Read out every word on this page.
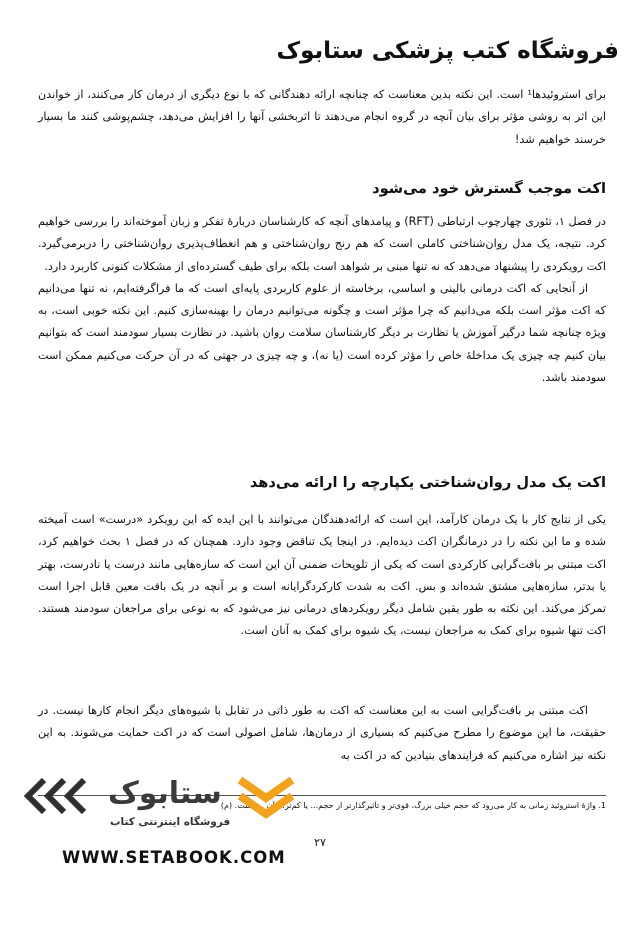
فروشگاه کتب پزشکی ستابوک

برای استروئیدها¹ است. این نکته بدین معناست که چنانچه ارائه دهندگانی که با نوع دیگری از درمان کار می‌کنند، از خواندن این اثر به روشی مؤثر برای بیان آنچه در گروه انجام می‌دهند تا اثربخشی آنها را افزایش می‌دهد، چشم‌پوشی کنند ما بسیار خرسند خواهیم شد!

اکت موجب گسترش خود می‌شود

در فصل ۱، تئوری چهارچوب ارتباطی (RFT) و پیامدهای آنچه که کارشناسان دربارهٔ تفکر و زبان آموخته‌اند را بررسی خواهیم کرد. نتیجه، یک مدل روان‌شناختی کاملی است که هم رنج روان‌شناختی و هم انعطاف‌پذیری روان‌شناختی را دربرمی‌گیرد. اکت رویکردی را پیشنهاد می‌دهد که نه تنها مبنی بر شواهد است بلکه برای طیف گسترده‌ای از مشکلات کنونی کاربرد دارد.

از آنجایی که اکت درمانی بالینی و اساسی، برخاسته از علوم کاربردی پایه‌ای است که ما فراگرفته‌ایم، نه تنها می‌دانیم که اکت مؤثر است بلکه می‌دانیم که چرا مؤثر است و چگونه می‌توانیم درمان را بهینه‌سازی کنیم. این نکته خوبی است، به ویژه چنانچه شما درگیر آموزش یا نظارت بر دیگر کارشناسان سلامت روان باشید. در نظارت بسیار سودمند است که بتوانیم بیان کنیم چه چیزی یک مداخلهٔ خاص را مؤثر کرده است (یا نه)، و چه چیزی در جهتی که در آن حرکت می‌کنیم ممکن است سودمند باشد.

اکت یک مدل روان‌شناختی یکپارچه را ارائه می‌دهد

یکی از نتایج کار با یک درمان کارآمد، این است که ارائه‌دهندگان می‌توانند با این ایده که این رویکرد «درست» است آمیخته شده و ما این نکته را در درمانگران اکت دیده‌ایم. در اینجا یک تناقض وجود دارد. همچنان که در فصل ۱ بحث خواهیم کرد، اکت مبتنی بر بافت‌گرایی کارکردی است که یکی از تلویحات ضمنی آن این است که سازه‌هایی مانند درست یا نادرست، بهتر یا بدتر، سازه‌هایی مشتق شده‌اند و بس. اکت به شدت کارکردگرایانه است و بر آنچه در یک بافت معین قابل اجرا است تمرکز می‌کند. این نکته به طور یقین شامل دیگر رویکردهای درمانی نیز می‌شود که به نوعی برای مراجعان سودمند هستند. اکت تنها شیوه برای کمک به مراجعان نیست، یک شیوه برای کمک به آنان است.

اکت مبتنی بر بافت‌گرایی است به این معناست که اکت به طور ذاتی در تقابل با شیوه‌های دیگر انجام کارها نیست. در حقیقت، ما این موضوع را مطرح می‌کنیم که بسیاری از درمان‌ها، شامل اصولی است که در اکت حمایت می‌شوند. به این نکته نیز اشاره می‌کنیم که فرایندهای بنیادین که در اکت به

1. واژهٔ استروئید زمانی به کار می‌رود که حجم خیلی بزرگ، قوی‌تر و تأثیرگذارتر از حجم... یا کم‌تر... آن ... است. (م)
۲۷
ستابوک
فروشگاه اینترنتی کتاب
WWW.SETABOOK.COM
